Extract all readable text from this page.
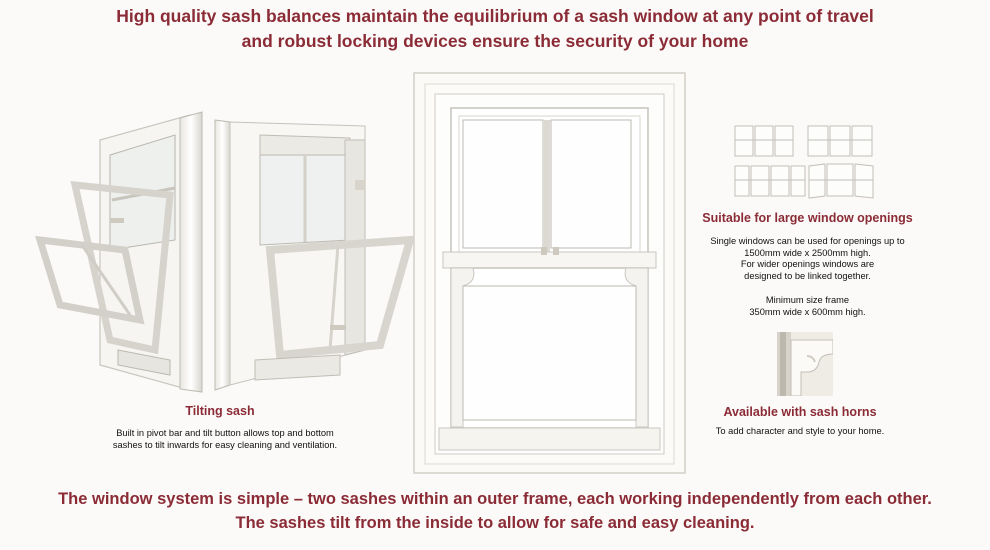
High quality sash balances maintain the equilibrium of a sash window at any point of travel
and robust locking devices ensure the security of your home
Tilting sash
Built in pivot bar and tilt button allows top and bottom
sashes to tilt inwards for easy cleaning and ventilation.
Suitable for large window openings
Single windows can be used for openings up to
1500mm wide x 2500mm high.
For wider openings windows are
designed to be linked together.
Minimum size frame
350mm wide x 600mm high.
Available with sash horns
To add character and style to your home.
The window system is simple – two sashes within an outer frame, each working independently from each other.
The sashes tilt from the inside to allow for safe and easy cleaning.
